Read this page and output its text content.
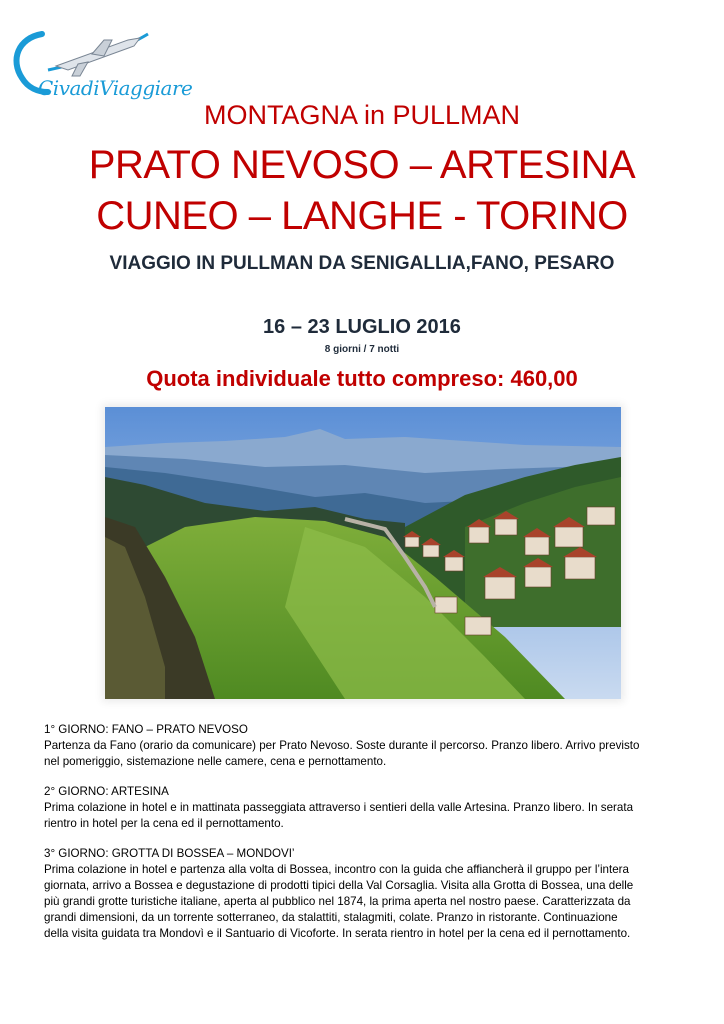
CivadiViaggiare
MONTAGNA in PULLMAN
PRATO NEVOSO – ARTESINA
CUNEO – LANGHE - TORINO
VIAGGIO IN PULLMAN DA SENIGALLIA,FANO, PESARO
16 – 23 LUGLIO 2016
8 giorni / 7 notti
Quota individuale tutto compreso: 460,00
1° GIORNO: FANO – PRATO NEVOSO
Partenza da Fano (orario da comunicare) per Prato Nevoso. Soste durante il percorso. Pranzo libero. Arrivo previsto
nel pomeriggio, sistemazione nelle camere, cena e pernottamento.
2° GIORNO: ARTESINA
Prima colazione in hotel e in mattinata passeggiata attraverso i sentieri della valle Artesina. Pranzo libero. In serata
rientro in hotel per la cena ed il pernottamento.
3° GIORNO: GROTTA DI BOSSEA – MONDOVI’
Prima colazione in hotel e partenza alla volta di Bossea, incontro con la guida che affiancherà il gruppo per l’intera
giornata, arrivo a Bossea e degustazione di prodotti tipici della Val Corsaglia. Visita alla Grotta di Bossea, una delle
più grandi grotte turistiche italiane, aperta al pubblico nel 1874, la prima aperta nel nostro paese. Caratterizzata da
grandi dimensioni, da un torrente sotterraneo, da stalattiti, stalagmiti, colate. Pranzo in ristorante. Continuazione
della visita guidata tra Mondovì e il Santuario di Vicoforte. In serata rientro in hotel per la cena ed il pernottamento.
